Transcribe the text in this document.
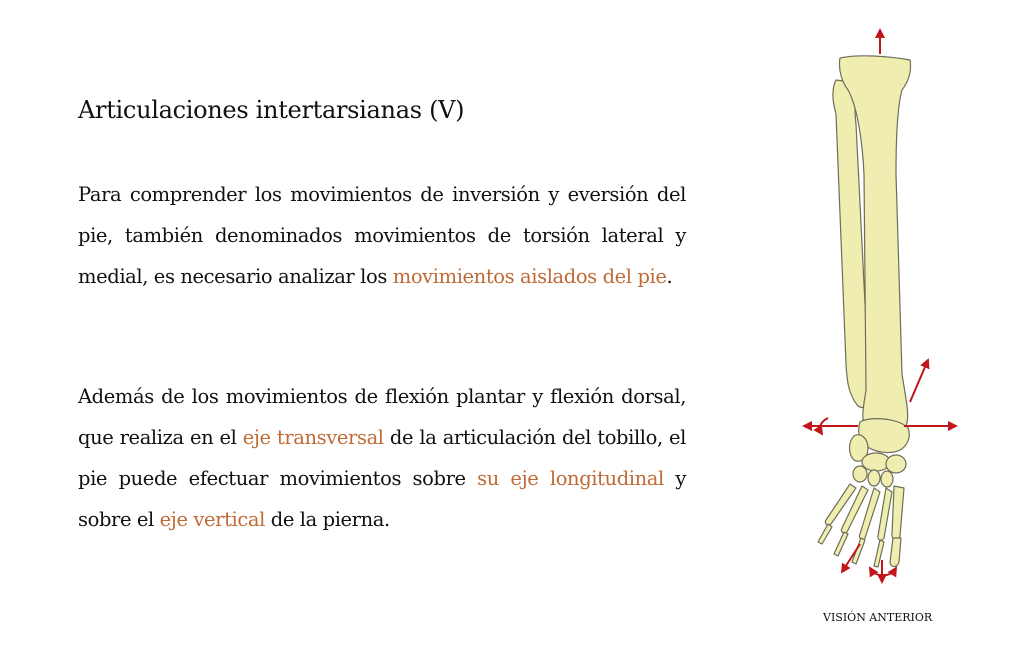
Articulaciones intertarsianas (V)

Para comprender los movimientos de inversión y eversión del pie, también denominados movimientos de torsión lateral y medial, es necesario analizar los movimientos aislados del pie.

Además de los movimientos de flexión plantar y flexión dorsal, que realiza en el eje transversal de la articulación del tobillo, el pie puede efectuar movimientos sobre su eje longitudinal y sobre el eje vertical de la pierna.

VISIÓN ANTERIOR
